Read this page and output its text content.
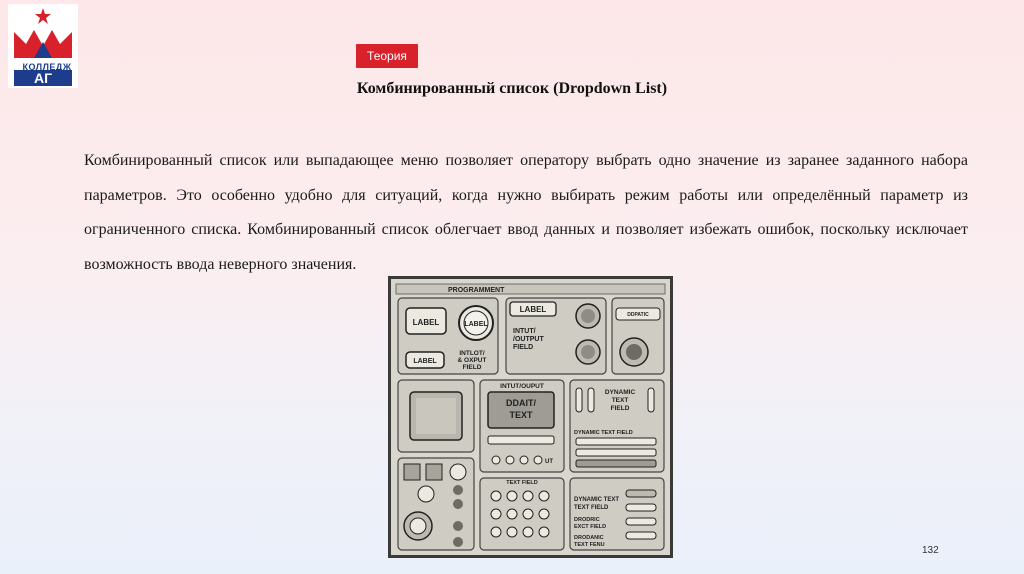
АГ
КОЛЛЕДЖ
Теория
Комбинированный список (Dropdown List)
Комбинированный список или выпадающее меню позволяет оператору выбрать одно значение из заранее заданного набора параметров. Это особенно удобно для ситуаций, когда нужно выбирать режим работы или определённый параметр из ограниченного списка. Комбинированный список облегчает ввод данных и позволяет избежать ошибок, поскольку исключает возможность ввода неверного значения.
PROGRAMMENT
LABEL	LABEL
LABEL
INTLOT/
& OXPUT
FIELD
LABEL
INTUT/
/OUTPUT
FIELD
DDPATIC
INTUT/OUPUT
DDAIT/
TEXT
UT
DYNAMIC
TEXT
FIELD
DYNAMIC TEXT FIELD
TEXT FIELD
DYNAMIC TEXT
TEXT FIELD
DRODRIC
EXCT FIELD
DRODANIC
TEXT FENU	132
